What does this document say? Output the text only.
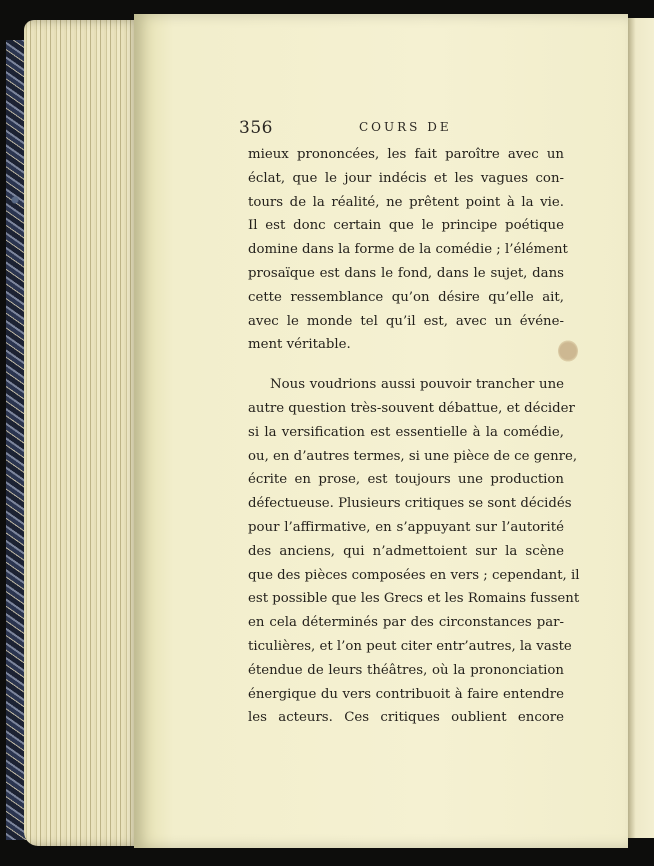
356	COURS DE
mieux prononcées, les fait paroître avec un
éclat, que le jour indécis et les vagues con-
tours de la réalité, ne prêtent point à la vie.
Il est donc certain que le principe poétique
domine dans la forme de la comédie ; l’élément
prosaïque est dans le fond, dans le sujet, dans
cette ressemblance qu’on désire qu’elle ait,
avec le monde tel qu’il est, avec un événe-
ment véritable.
Nous voudrions aussi pouvoir trancher une
autre question très-souvent débattue, et décider
si la versification est essentielle à la comédie,
ou, en d’autres termes, si une pièce de ce genre,
écrite en prose, est toujours une production
défectueuse. Plusieurs critiques se sont décidés
pour l’affirmative, en s’appuyant sur l’autorité
des anciens, qui n’admettoient sur la scène
que des pièces composées en vers ; cependant, il
est possible que les Grecs et les Romains fussent
en cela déterminés par des circonstances par-
ticulières, et l’on peut citer entr’autres, la vaste
étendue de leurs théâtres, où la prononciation
énergique du vers contribuoit à faire entendre
les acteurs. Ces critiques oublient encore
